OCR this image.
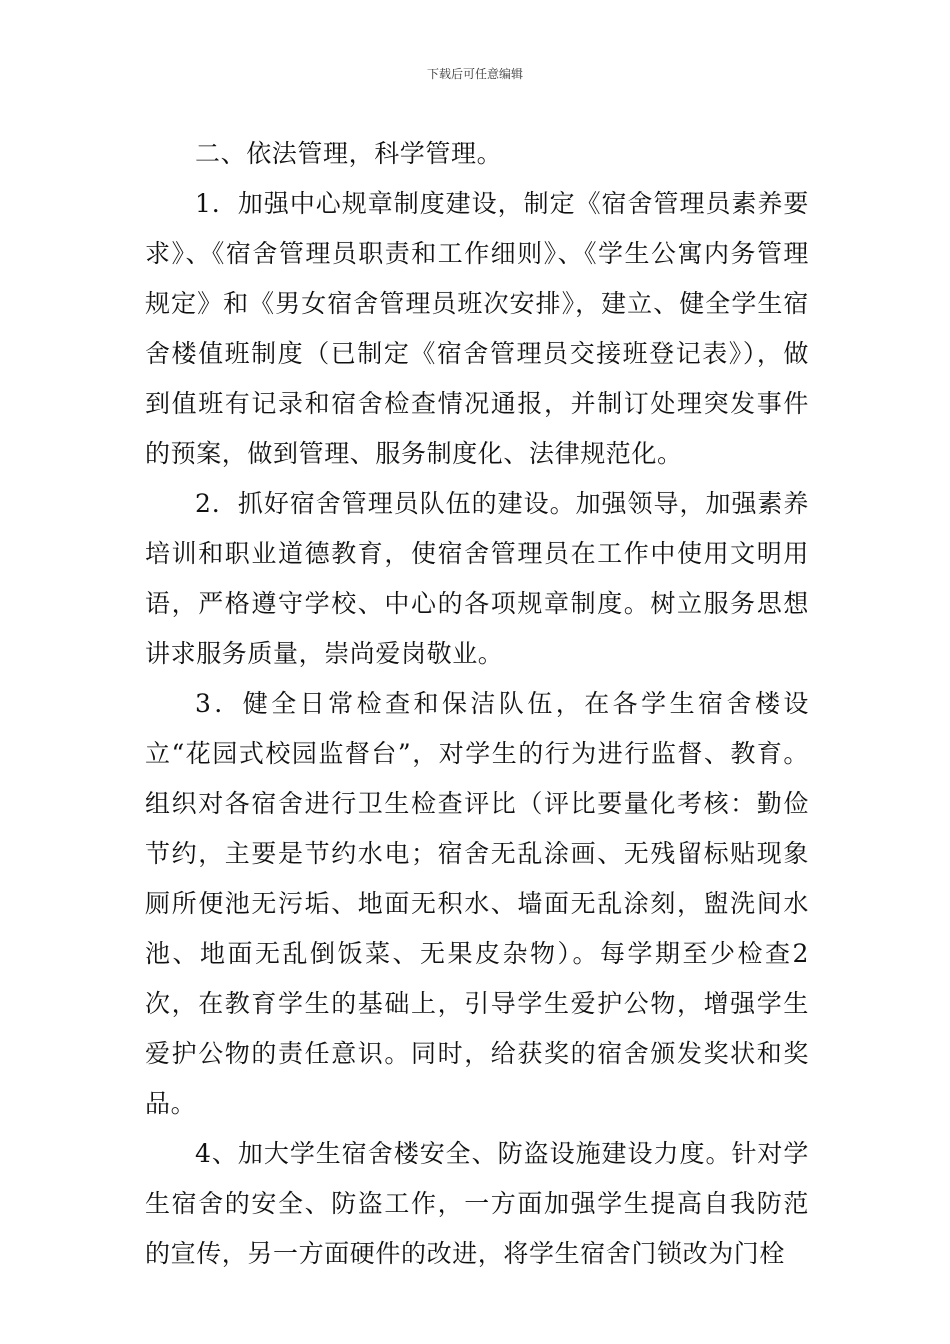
下载后可任意编辑

二、依法管理，科学管理。

1．加强中心规章制度建设，制定《宿舍管理员素养要求》、《宿舍管理员职责和工作细则》、《学生公寓内务管理规定》和《男女宿舍管理员班次安排》，建立、健全学生宿舍楼值班制度（已制定《宿舍管理员交接班登记表》），做到值班有记录和宿舍检查情况通报，并制订处理突发事件的预案，做到管理、服务制度化、法律规范化。

2．抓好宿舍管理员队伍的建设。加强领导，加强素养培训和职业道德教育，使宿舍管理员在工作中使用文明用语，严格遵守学校、中心的各项规章制度。树立服务思想讲求服务质量，崇尚爱岗敬业。

3．健全日常检查和保洁队伍，在各学生宿舍楼设立“花园式校园监督台”，对学生的行为进行监督、教育。组织对各宿舍进行卫生检查评比（评比要量化考核：勤俭节约，主要是节约水电；宿舍无乱涂画、无残留标贴现象厕所便池无污垢、地面无积水、墙面无乱涂刻，盥洗间水池、地面无乱倒饭菜、无果皮杂物）。每学期至少检查2次，在教育学生的基础上，引导学生爱护公物，增强学生爱护公物的责任意识。同时，给获奖的宿舍颁发奖状和奖品。

4、加大学生宿舍楼安全、防盗设施建设力度。针对学生宿舍的安全、防盗工作，一方面加强学生提高自我防范的宣传，另一方面硬件的改进，将学生宿舍门锁改为门栓
